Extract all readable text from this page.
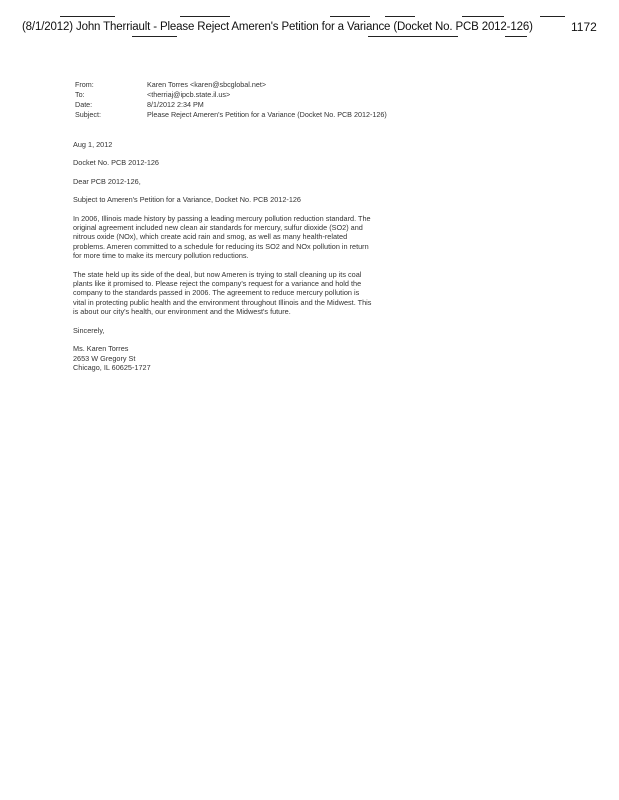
(8/1/2012) John Therriault - Please Reject Ameren's Petition for a Variance (Docket No. PCB 2012-126)	1172
From:	Karen Torres <karen@sbcglobal.net>
To:	<therriaj@ipcb.state.il.us>
Date:	8/1/2012 2:34 PM
Subject:	Please Reject Ameren's Petition for a Variance (Docket No. PCB 2012-126)

Aug 1, 2012

Docket No. PCB 2012-126

Dear PCB 2012-126,

Subject to Ameren's Petition for a Variance, Docket No. PCB 2012-126

In 2006, Illinois made history by passing a leading mercury pollution reduction standard. The original agreement included new clean air standards for mercury, sulfur dioxide (SO2) and nitrous oxide (NOx), which create acid rain and smog, as well as many health-related problems. Ameren committed to a schedule for reducing its SO2 and NOx pollution in return for more time to make its mercury pollution reductions.

The state held up its side of the deal, but now Ameren is trying to stall cleaning up its coal plants like it promised to. Please reject the company's request for a variance and hold the company to the standards passed in 2006. The agreement to reduce mercury pollution is vital in protecting public health and the environment throughout Illinois and the Midwest. This is about our city's health, our environment and the Midwest's future.

Sincerely,

Ms. Karen Torres

2653 W Gregory St

Chicago, IL 60625-1727
